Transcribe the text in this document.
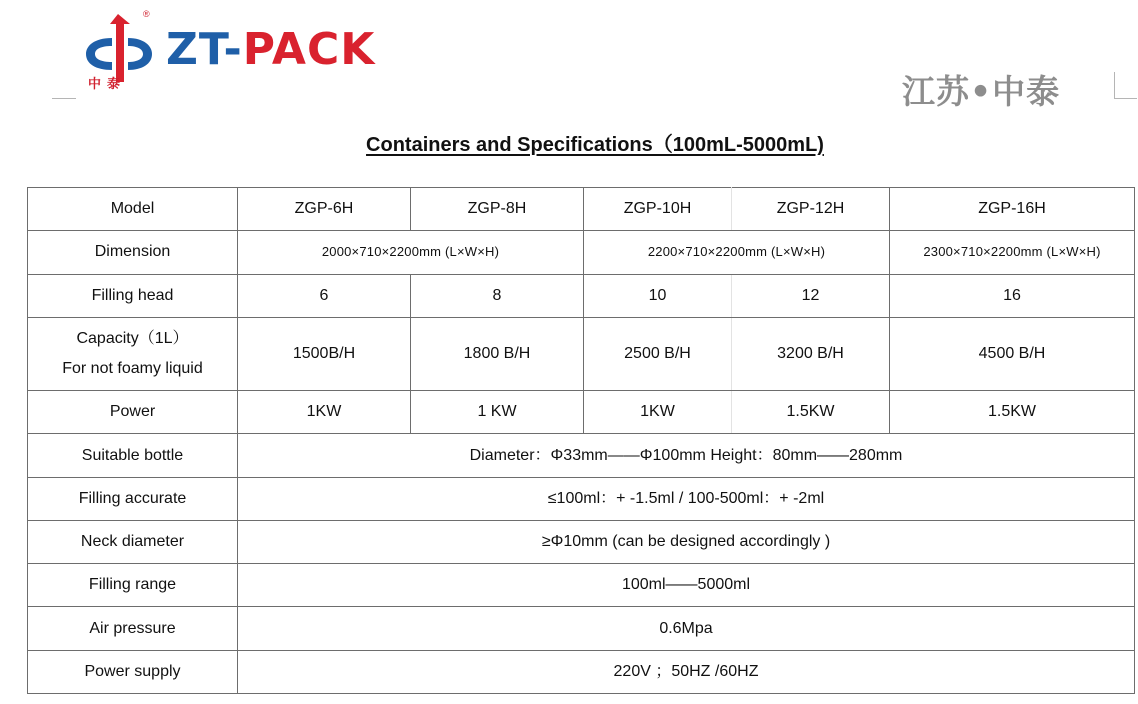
®
ZT-PACK
中泰	江苏•中泰
Containers and Specifications（100mL-5000mL)
Model	ZGP-6H	ZGP-8H	ZGP-10H	ZGP-12H	ZGP-16H
Dimension	2000×710×2200mm (L×W×H)		2200×710×2200mm (L×W×H)		2300×710×2200mm (L×W×H)
Filling head	6	8	10	12	16
Capacity（1L）
For not foamy liquid	1500B/H	1800 B/H	2500 B/H	3200 B/H	4500 B/H
Power	1KW	1 KW	1KW	1.5KW	1.5KW
Suitable bottle	Diameter：Φ33mm——Φ100mm Height：80mm——280mm				
Filling accurate	≤100ml：+ -1.5ml / 100-500ml：+ -2ml				
Neck diameter	≥Φ10mm (can be designed accordingly )				
Filling range	100ml——5000ml				
Air pressure	0.6Mpa				
Power supply	220V ；50HZ /60HZ				
